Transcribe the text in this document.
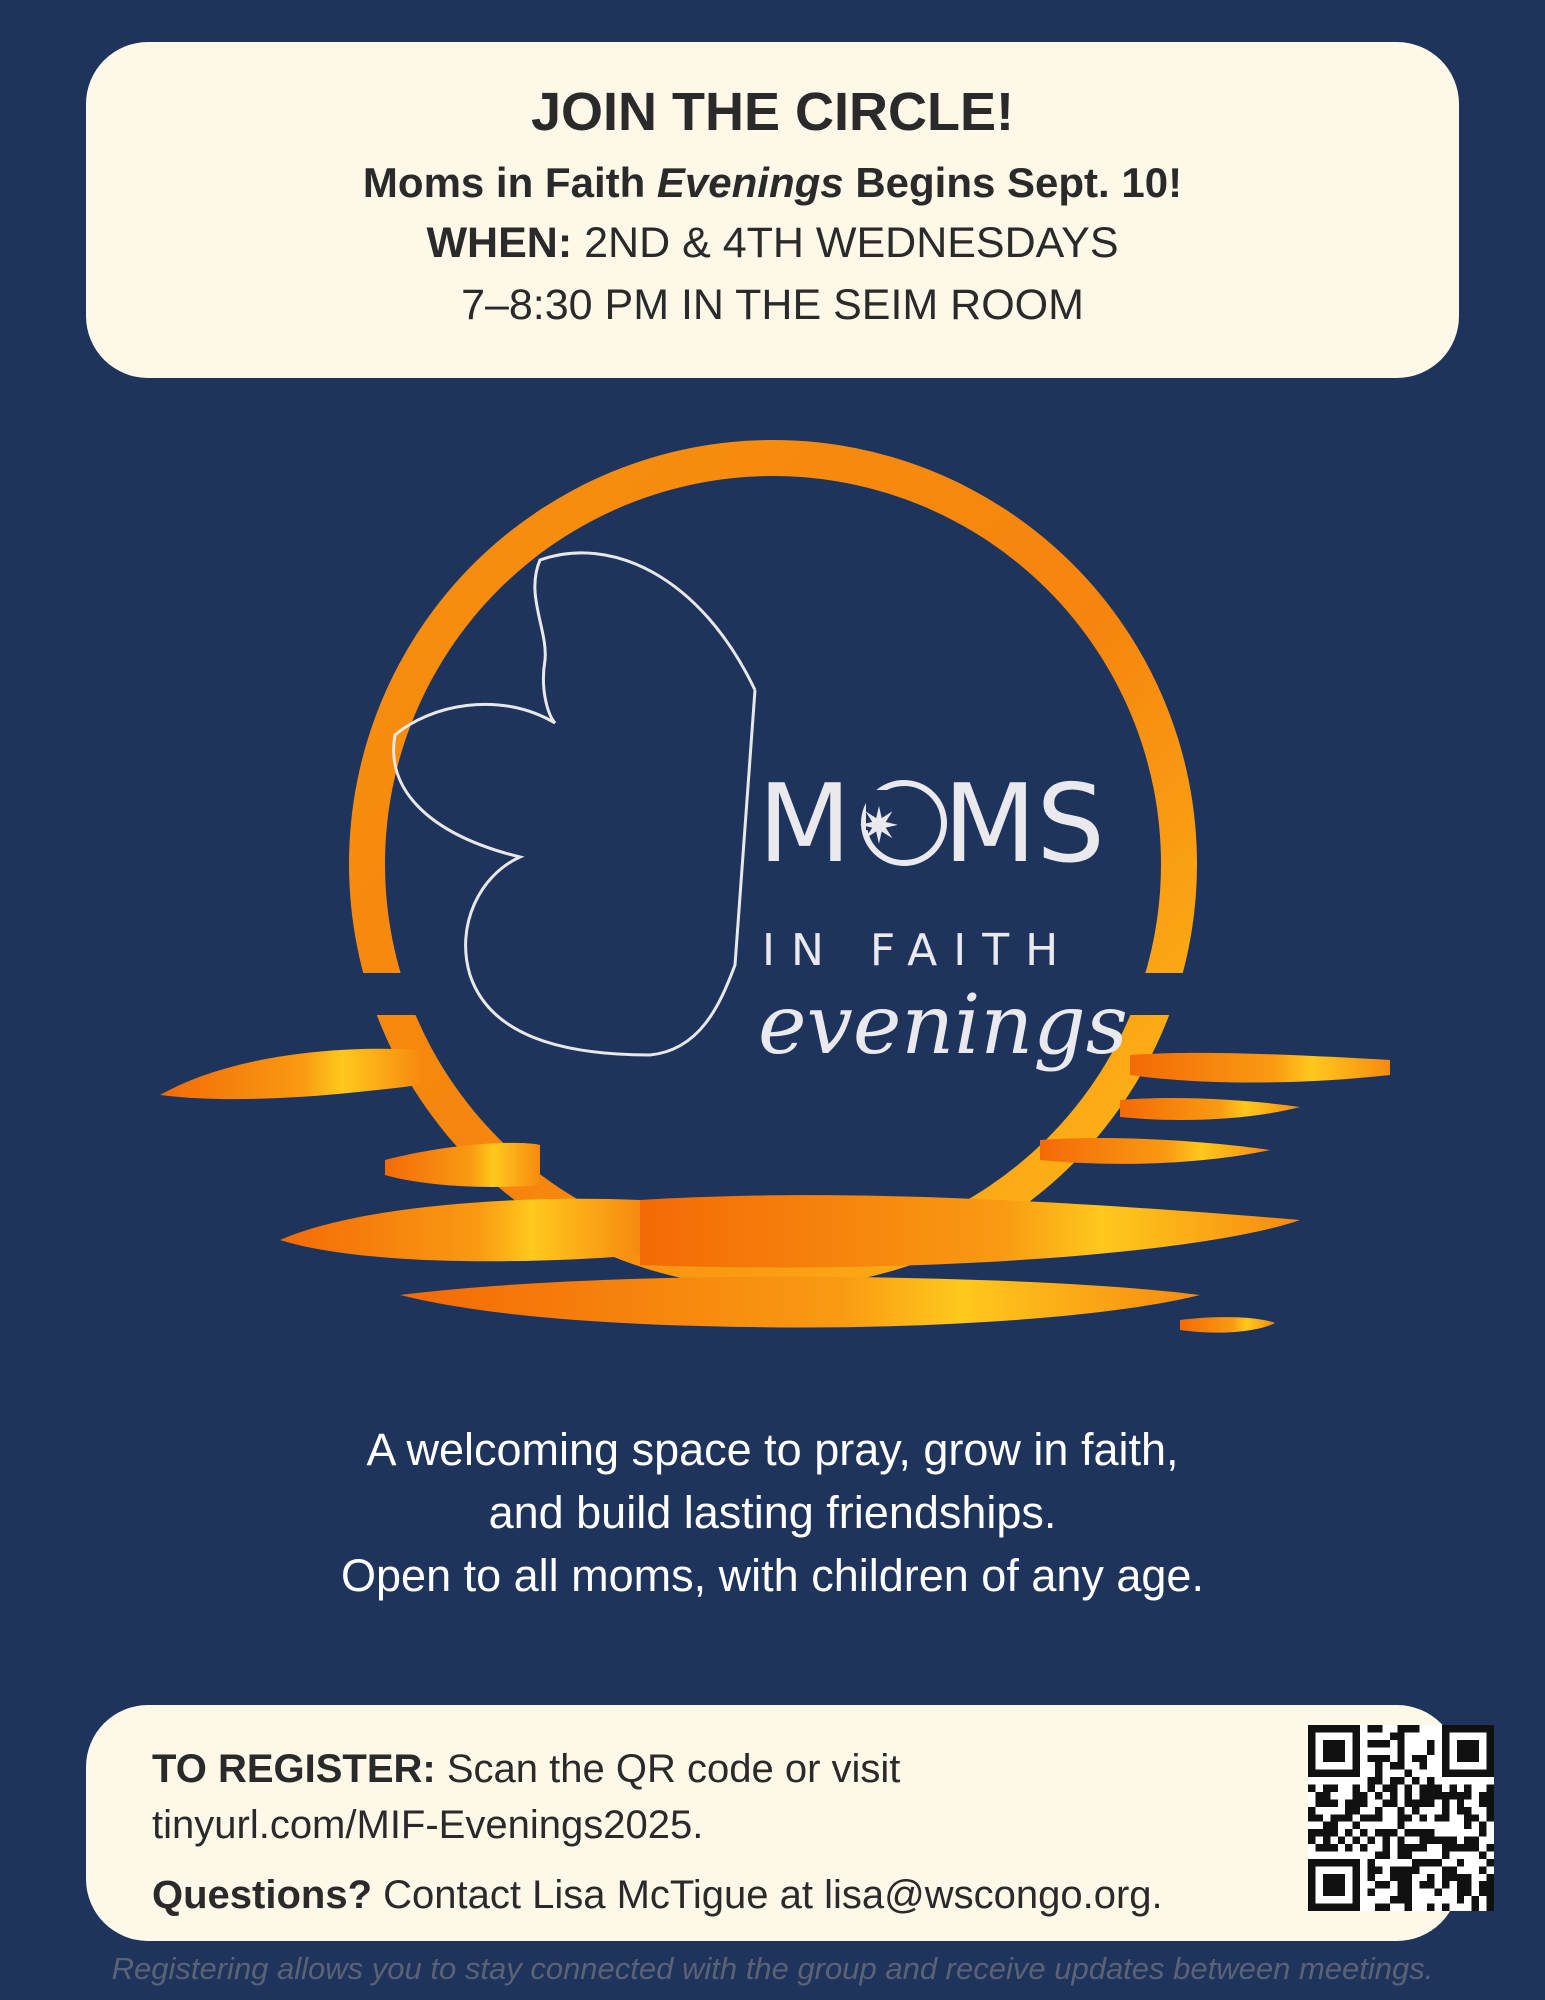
JOIN THE CIRCLE!
Moms in Faith Evenings Begins Sept. 10!
WHEN: 2ND & 4TH WEDNESDAYS
7–8:30 PM IN THE SEIM ROOM
M MS
✷
IN FAITH
evenings
A welcoming space to pray, grow in faith,
and build lasting friendships.
Open to all moms, with children of any age.
TO REGISTER: Scan the QR code or visit
tinyurl.com/MIF-Evenings2025.
Questions? Contact Lisa McTigue at lisa@wscongo.org.
Registering allows you to stay connected with the group and receive updates between meetings.
